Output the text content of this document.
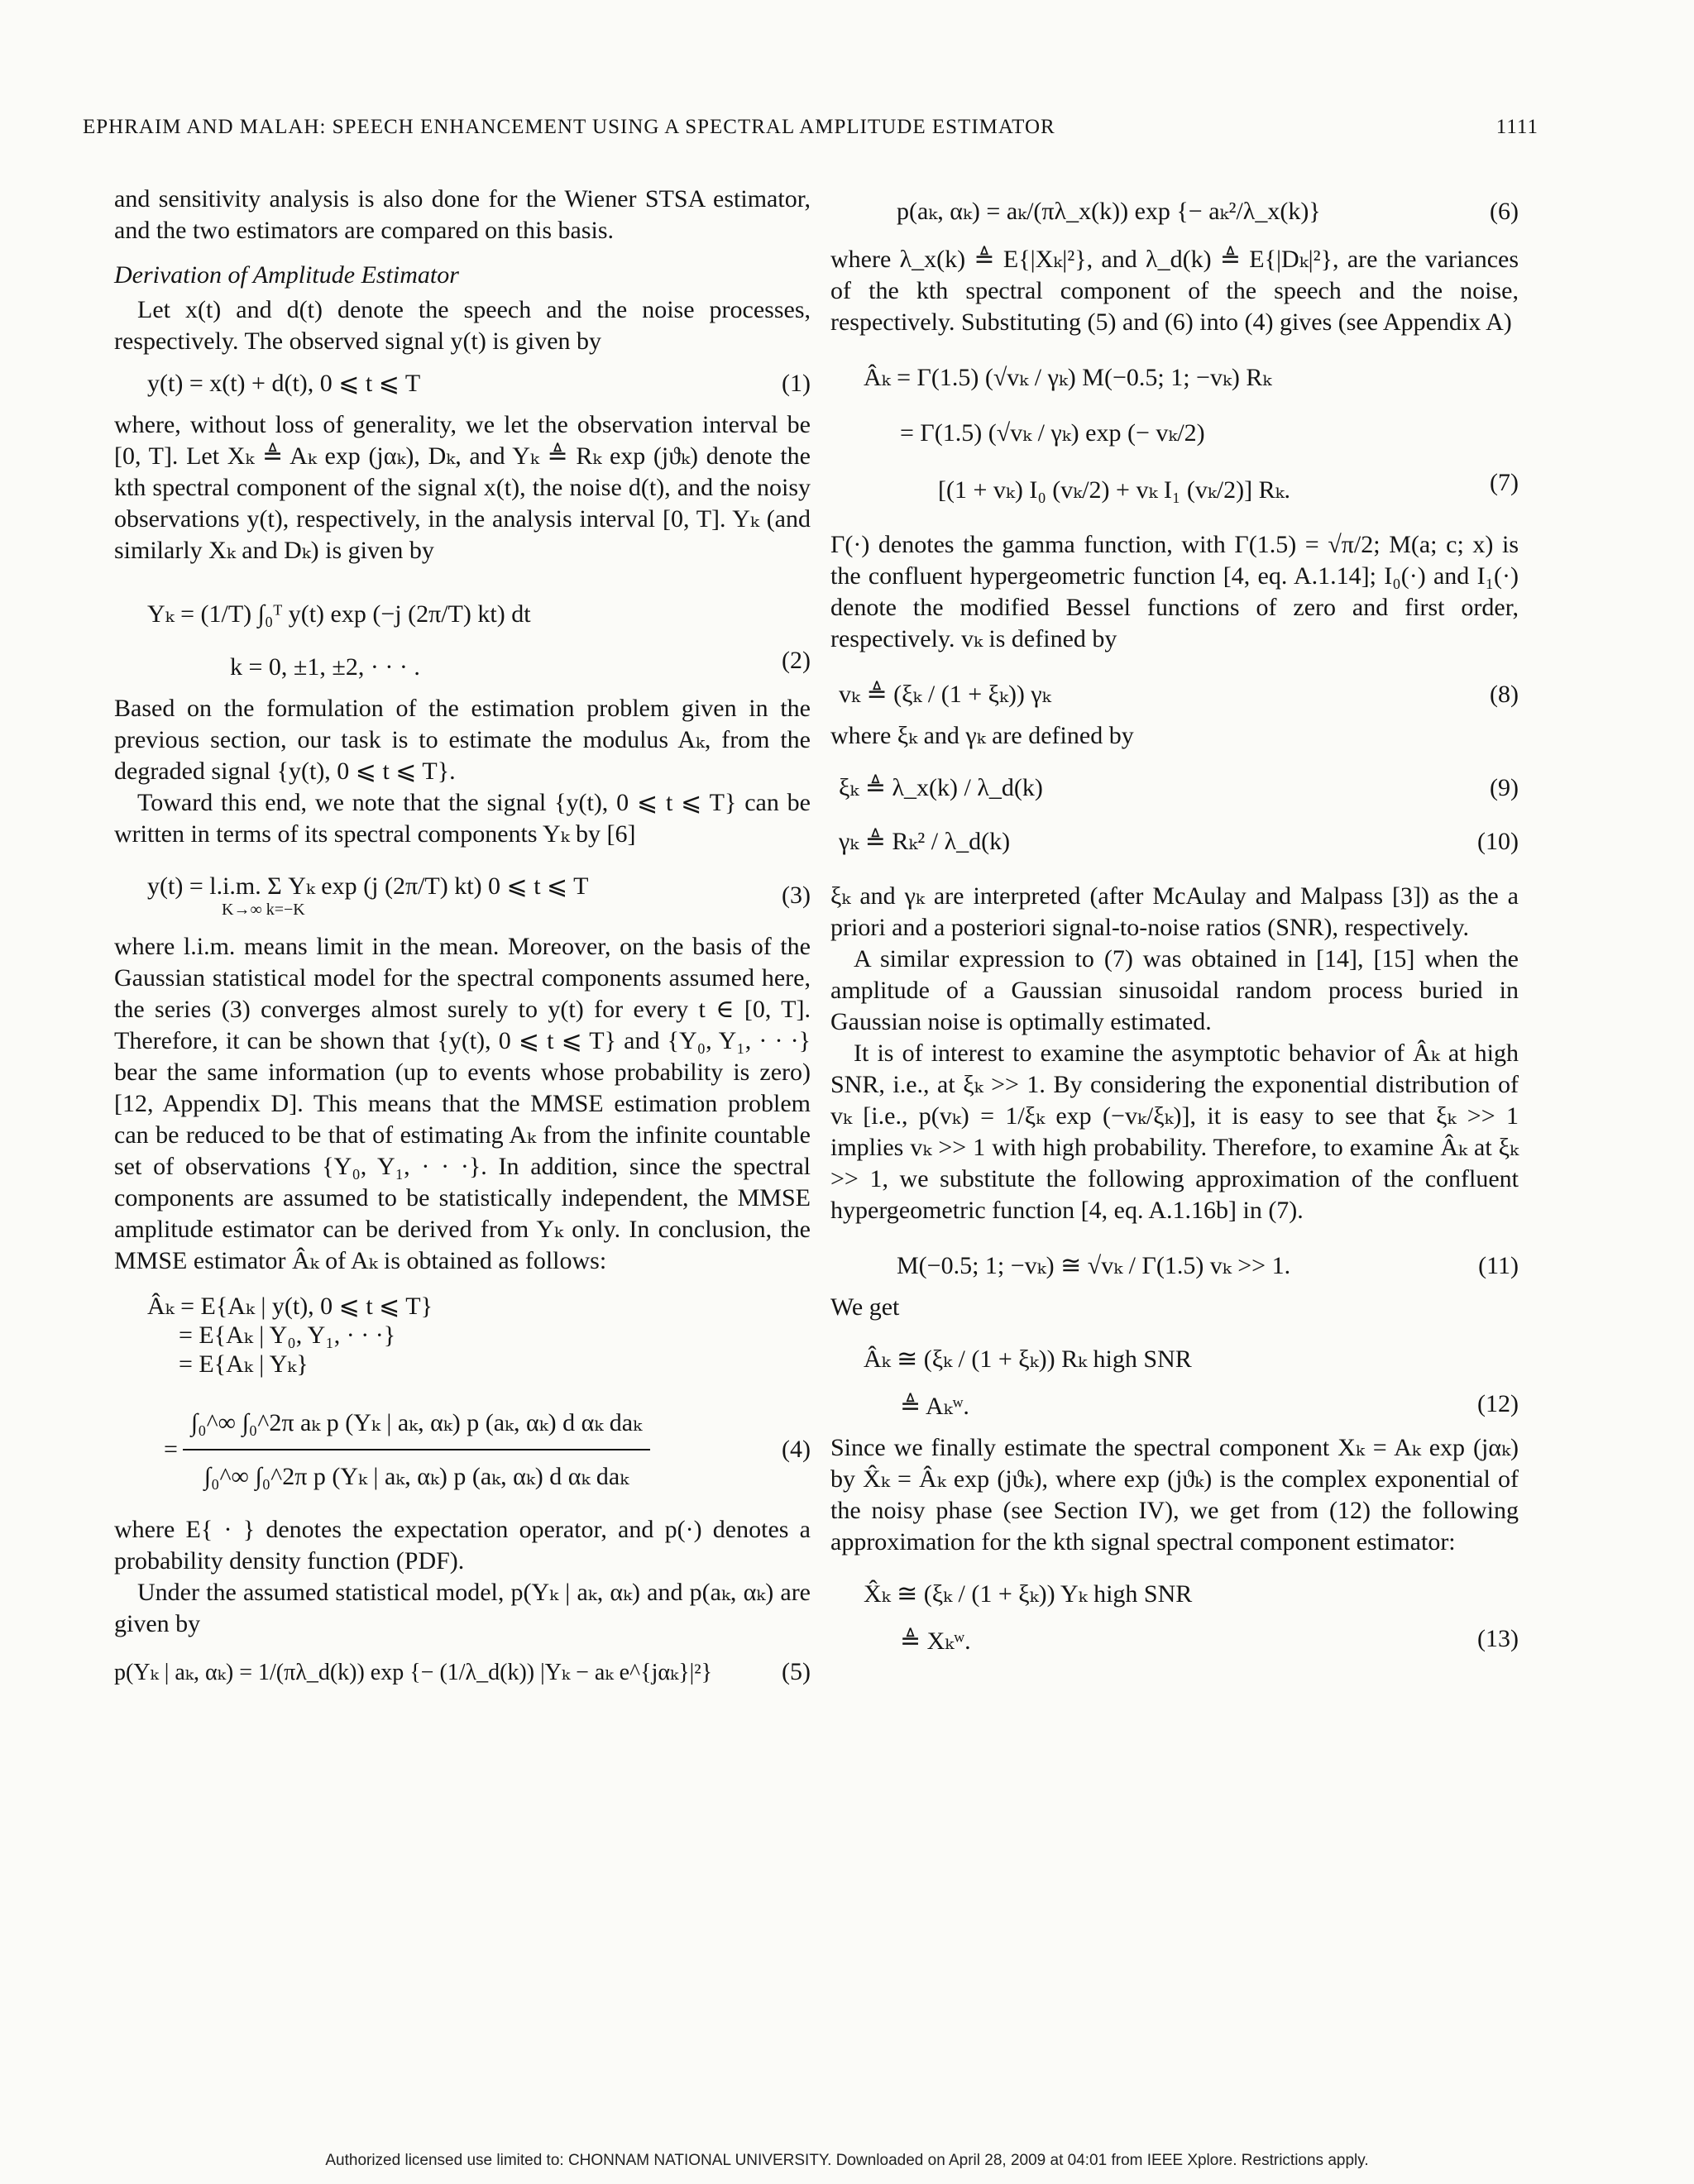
EPHRAIM AND MALAH: SPEECH ENHANCEMENT USING A SPECTRAL AMPLITUDE ESTIMATOR	1111

and sensitivity analysis is also done for the Wiener STSA estimator, and the two estimators are compared on this basis.

Derivation of Amplitude Estimator

Let x(t) and d(t) denote the speech and the noise processes, respectively. The observed signal y(t) is given by

y(t) = x(t) + d(t), 0 ⩽ t ⩽ T	(1)

where, without loss of generality, we let the observation interval be [0, T]. Let Xₖ ≜ Aₖ exp (jαₖ), Dₖ, and Yₖ ≜ Rₖ exp (jϑₖ) denote the kth spectral component of the signal x(t), the noise d(t), and the noisy observations y(t), respectively, in the analysis interval [0, T]. Yₖ (and similarly Xₖ and Dₖ) is given by

Yₖ = (1/T) ∫₀ᵀ y(t) exp (−j (2π/T) kt) dt
k = 0, ±1, ±2, · · · .	(2)

Based on the formulation of the estimation problem given in the previous section, our task is to estimate the modulus Aₖ, from the degraded signal {y(t), 0 ⩽ t ⩽ T}.

Toward this end, we note that the signal {y(t), 0 ⩽ t ⩽ T} can be written in terms of its spectral components Yₖ by [6]

y(t) = l.i.m. Σ Yₖ exp (j (2π/T) kt) 0 ⩽ t ⩽ T
K→∞ k=−K
(3)

where l.i.m. means limit in the mean. Moreover, on the basis of the Gaussian statistical model for the spectral components assumed here, the series (3) converges almost surely to y(t) for every t ∈ [0, T]. Therefore, it can be shown that {y(t), 0 ⩽ t ⩽ T} and {Y₀, Y₁, · · ·} bear the same information (up to events whose probability is zero) [12, Appendix D]. This means that the MMSE estimation problem can be reduced to be that of estimating Aₖ from the infinite countable set of observations {Y₀, Y₁, · · ·}. In addition, since the spectral components are assumed to be statistically independent, the MMSE amplitude estimator can be derived from Yₖ only. In conclusion, the MMSE estimator Âₖ of Aₖ is obtained as follows:

Âₖ = E{Aₖ | y(t), 0 ⩽ t ⩽ T}
= E{Aₖ | Y₀, Y₁, · · ·}
= E{Aₖ | Yₖ}
= $\frac{\text{∫₀\textasciicircum{}∞ ∫₀\textasciicircum{}2π aₖ p (Yₖ | aₖ, αₖ) p (aₖ, αₖ) d αₖ daₖ}}{\text{∫₀\textasciicircum{}∞ ∫₀\textasciicircum{}2π p (Yₖ | aₖ, αₖ) p (aₖ, αₖ) d αₖ daₖ}}$	(4)

where E{ · } denotes the expectation operator, and p(·) denotes a probability density function (PDF).

Under the assumed statistical model, p(Yₖ | aₖ, αₖ) and p(aₖ, αₖ) are given by

p(Yₖ | aₖ, αₖ) = 1/(πλ_d(k)) exp {− (1/λ_d(k)) |Yₖ − aₖ e^{jαₖ}|²}	(5)
p(aₖ, αₖ) = aₖ/(πλ_x(k)) exp {− aₖ²/λ_x(k)}	(6)

where λ_x(k) ≜ E{|Xₖ|²}, and λ_d(k) ≜ E{|Dₖ|²}, are the variances of the kth spectral component of the speech and the noise, respectively. Substituting (5) and (6) into (4) gives (see Appendix A)

Âₖ = Γ(1.5) (√vₖ / γₖ) M(−0.5; 1; −vₖ) Rₖ
= Γ(1.5) (√vₖ / γₖ) exp (− vₖ/2)
[(1 + vₖ) I₀ (vₖ/2) + vₖ I₁ (vₖ/2)] Rₖ.	(7)

Γ(·) denotes the gamma function, with Γ(1.5) = √π/2; M(a; c; x) is the confluent hypergeometric function [4, eq. A.1.14]; I₀(·) and I₁(·) denote the modified Bessel functions of zero and first order, respectively. vₖ is defined by

vₖ ≜ (ξₖ / (1 + ξₖ)) γₖ	(8)

where ξₖ and γₖ are defined by

ξₖ ≜ λ_x(k) / λ_d(k)	(9)
γₖ ≜ Rₖ² / λ_d(k)	(10)

ξₖ and γₖ are interpreted (after McAulay and Malpass [3]) as the a priori and a posteriori signal-to-noise ratios (SNR), respectively.

A similar expression to (7) was obtained in [14], [15] when the amplitude of a Gaussian sinusoidal random process buried in Gaussian noise is optimally estimated.

It is of interest to examine the asymptotic behavior of Âₖ at high SNR, i.e., at ξₖ >> 1. By considering the exponential distribution of vₖ [i.e., p(vₖ) = 1/ξₖ exp (−vₖ/ξₖ)], it is easy to see that ξₖ >> 1 implies vₖ >> 1 with high probability. Therefore, to examine Âₖ at ξₖ >> 1, we substitute the following approximation of the confluent hypergeometric function [4, eq. A.1.16b] in (7).

M(−0.5; 1; −vₖ) ≅ √vₖ / Γ(1.5) vₖ >> 1.	(11)

We get

Âₖ ≅ (ξₖ / (1 + ξₖ)) Rₖ high SNR
≜ Aₖʷ.	(12)

Since we finally estimate the spectral component Xₖ = Aₖ exp (jαₖ) by X̂ₖ = Âₖ exp (jϑₖ), where exp (jϑₖ) is the complex exponential of the noisy phase (see Section IV), we get from (12) the following approximation for the kth signal spectral component estimator:

X̂ₖ ≅ (ξₖ / (1 + ξₖ)) Yₖ high SNR
≜ Xₖʷ.	(13)
Authorized licensed use limited to: CHONNAM NATIONAL UNIVERSITY. Downloaded on April 28, 2009 at 04:01 from IEEE Xplore. Restrictions apply.
